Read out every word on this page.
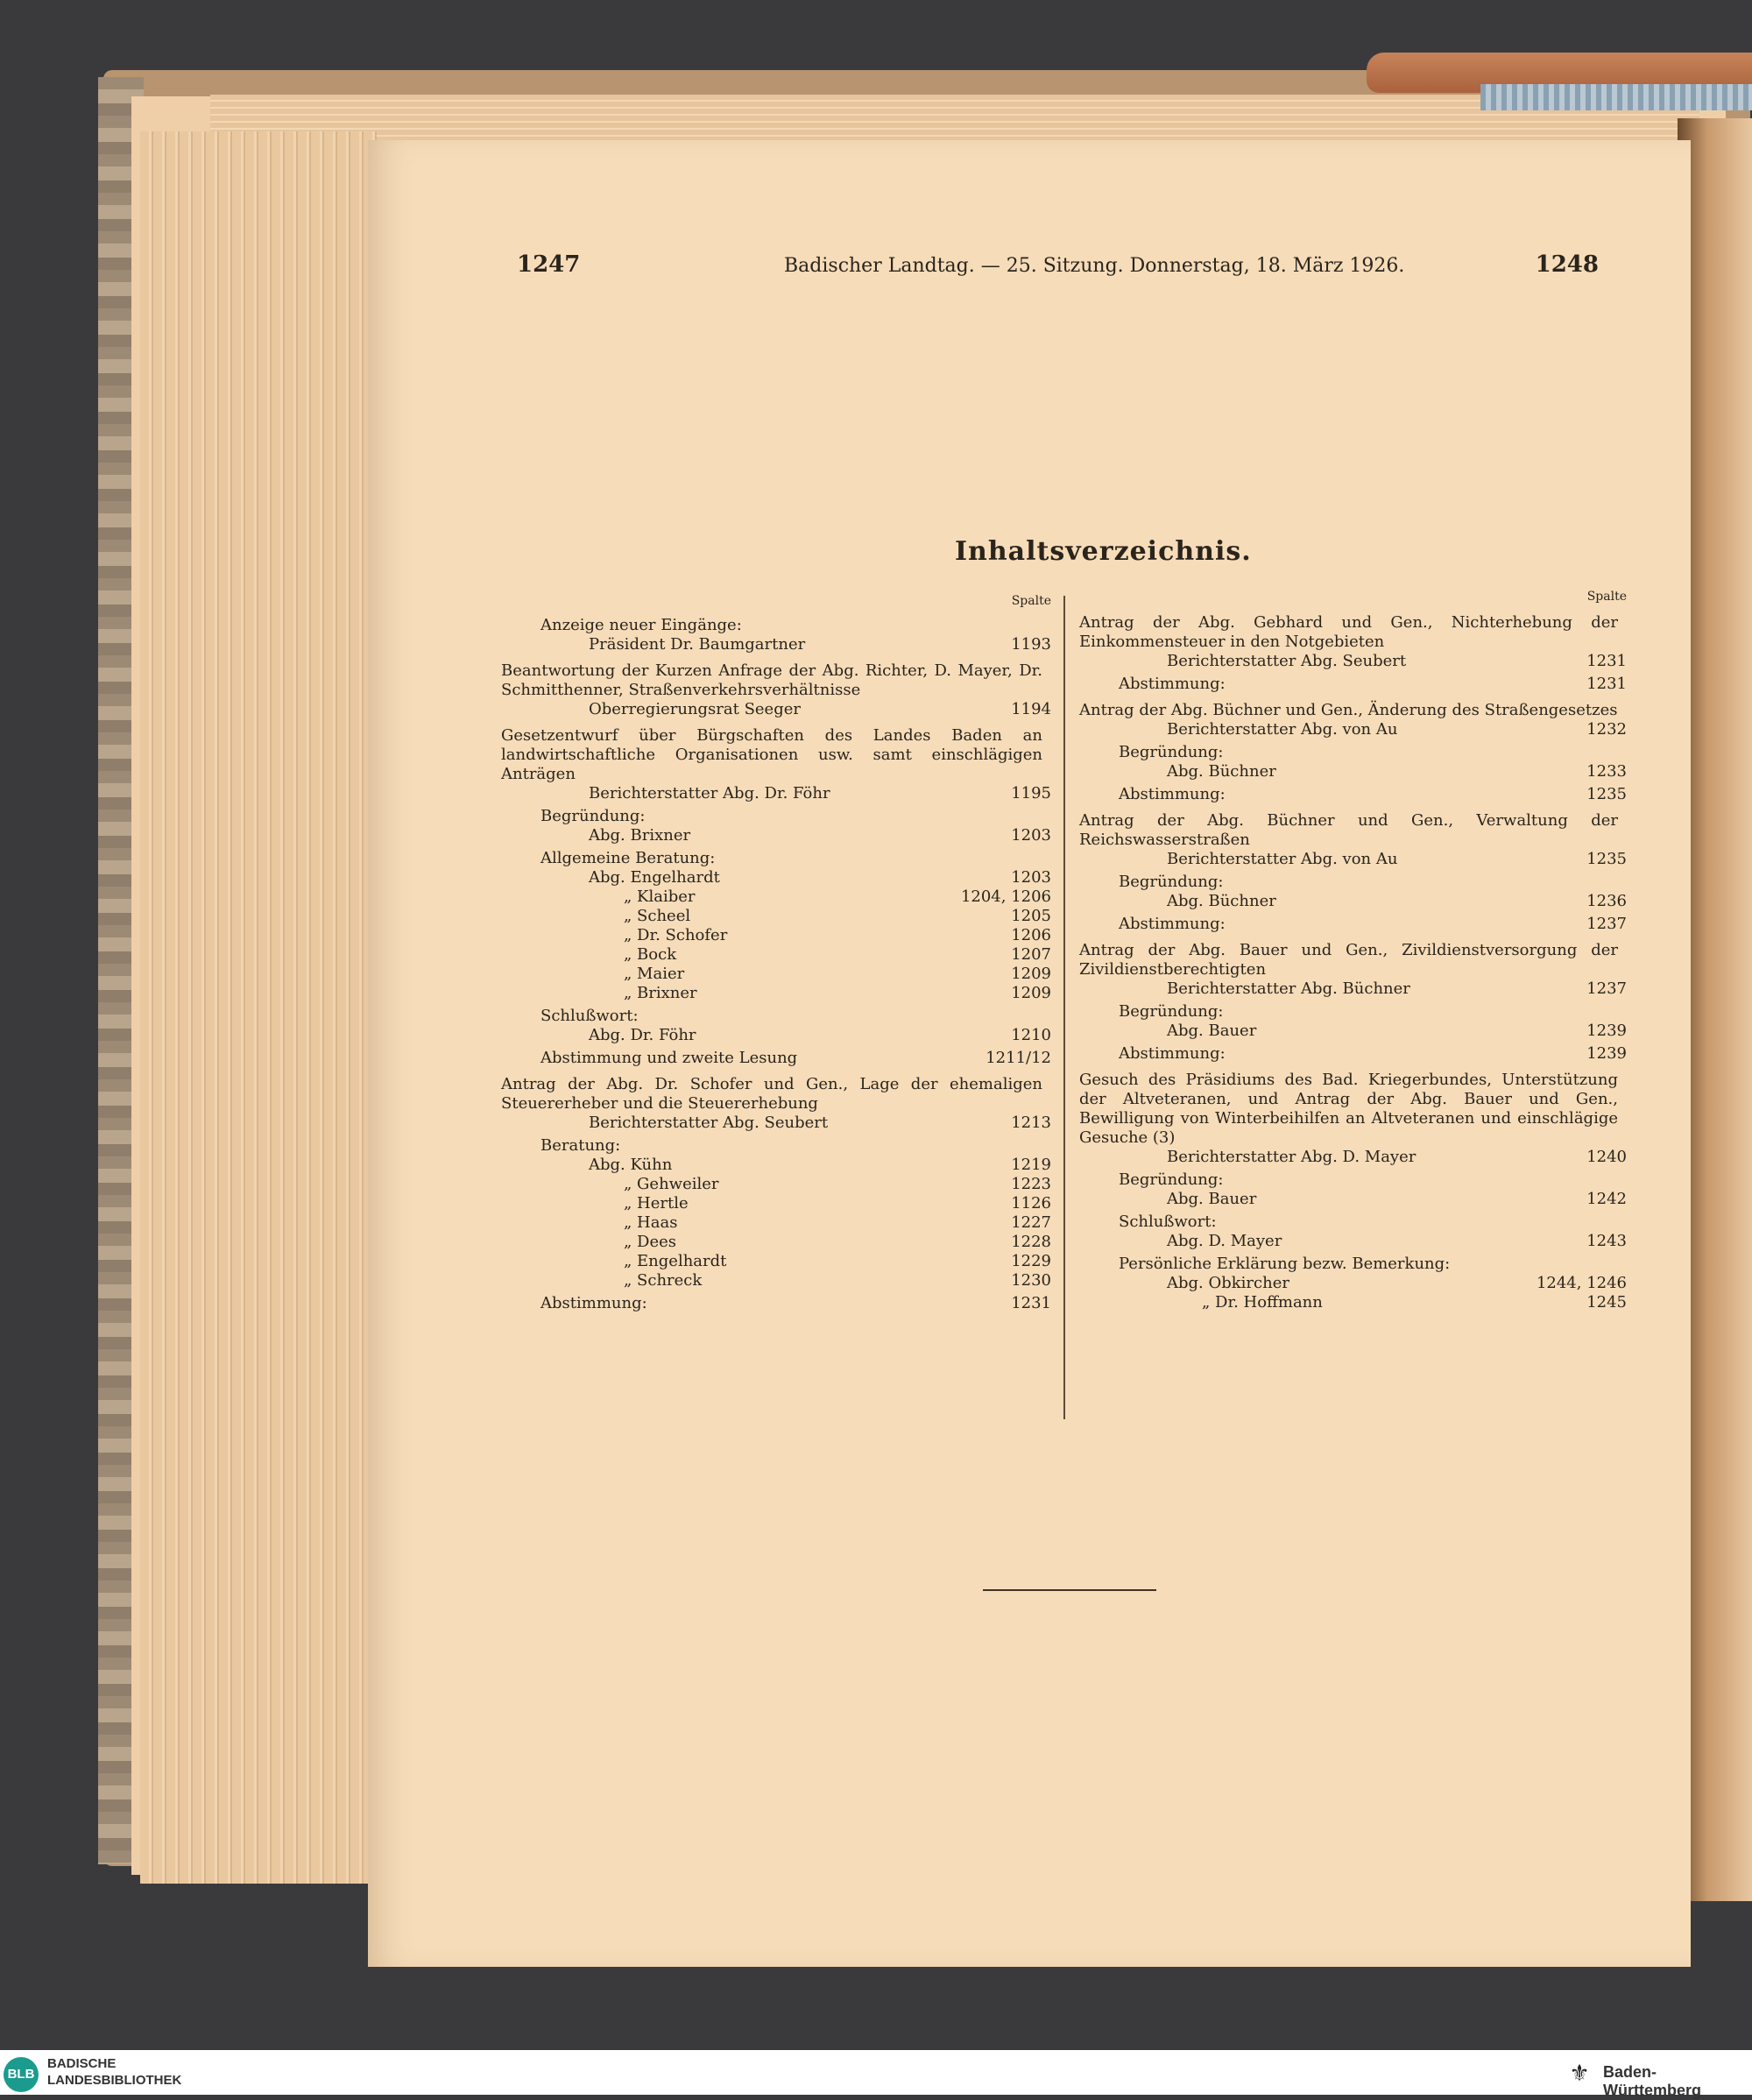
1247	Badischer Landtag. — 25. Sitzung. Donnerstag, 18. März 1926.	1248
Inhaltsverzeichnis.
Spalte
Anzeige neuer Eingänge:
Präsident Dr. Baumgartner	1193
Beantwortung der Kurzen Anfrage der Abg. Richter, D. Mayer, Dr. Schmitthenner, Straßenverkehrsverhältnisse
Oberregierungsrat Seeger	1194
Gesetzentwurf über Bürgschaften des Landes Baden an landwirtschaftliche Organisationen usw. samt einschlägigen Anträgen
Berichterstatter Abg. Dr. Föhr	1195
Begründung:
Abg. Brixner	1203
Allgemeine Beratung:
Abg. Engelhardt	1203
„ Klaiber	1204, 1206
„ Scheel	1205
„ Dr. Schofer	1206
„ Bock	1207
„ Maier	1209
„ Brixner	1209
Schlußwort:
Abg. Dr. Föhr	1210
Abstimmung und zweite Lesung	1211/12
Antrag der Abg. Dr. Schofer und Gen., Lage der ehemaligen Steuererheber und die Steuererhebung
Berichterstatter Abg. Seubert	1213
Beratung:
Abg. Kühn	1219
„ Gehweiler	1223
„ Hertle	1126
„ Haas	1227
„ Dees	1228
„ Engelhardt	1229
„ Schreck	1230
Abstimmung:	1231
Spalte
Antrag der Abg. Gebhard und Gen., Nichterhebung der Einkommensteuer in den Notgebieten
Berichterstatter Abg. Seubert	1231
Abstimmung:	1231
Antrag der Abg. Büchner und Gen., Änderung des Straßengesetzes
Berichterstatter Abg. von Au	1232
Begründung:
Abg. Büchner	1233
Abstimmung:	1235
Antrag der Abg. Büchner und Gen., Verwaltung der Reichswasserstraßen
Berichterstatter Abg. von Au	1235
Begründung:
Abg. Büchner	1236
Abstimmung:	1237
Antrag der Abg. Bauer und Gen., Zivildienstversorgung der Zivildienstberechtigten
Berichterstatter Abg. Büchner	1237
Begründung:
Abg. Bauer	1239
Abstimmung:	1239
Gesuch des Präsidiums des Bad. Kriegerbundes, Unterstützung der Altveteranen, und Antrag der Abg. Bauer und Gen., Bewilligung von Winterbeihilfen an Altveteranen und einschlägige Gesuche (3)
Berichterstatter Abg. D. Mayer	1240
Begründung:
Abg. Bauer	1242
Schlußwort:
Abg. D. Mayer	1243
Persönliche Erklärung bezw. Bemerkung:
Abg. Obkircher	1244, 1246
„ Dr. Hoffmann	1245
BLB
BADISCHE
LANDESBIBLIOTHEK	⚜ Baden-Württemberg
